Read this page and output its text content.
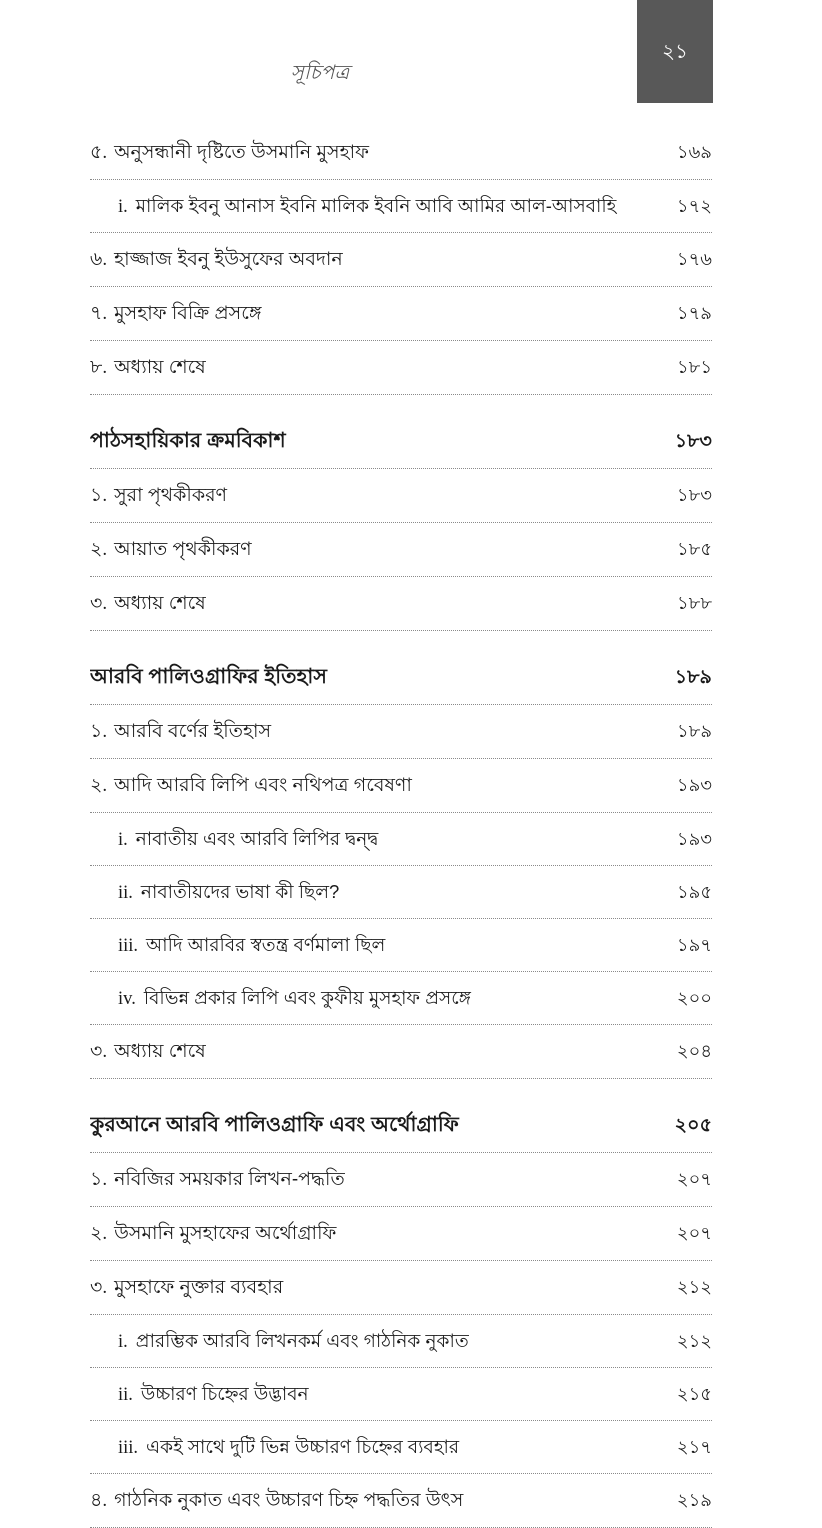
সূচিপত্র
২১
৫. অনুসন্ধানী দৃষ্টিতে উসমানি মুসহাফ	১৬৯
i. মালিক ইবনু আনাস ইবনি মালিক ইবনি আবি আমির আল-আসবাহি	১৭২
৬. হাজ্জাজ ইবনু ইউসুফের অবদান	১৭৬
৭. মুসহাফ বিক্রি প্রসঙ্গে	১৭৯
৮. অধ্যায় শেষে	১৮১
পাঠসহায়িকার ক্রমবিকাশ	১৮৩
১. সুরা পৃথকীকরণ	১৮৩
২. আয়াত পৃথকীকরণ	১৮৫
৩. অধ্যায় শেষে	১৮৮
আরবি পালিওগ্রাফির ইতিহাস	১৮৯
১. আরবি বর্ণের ইতিহাস	১৮৯
২. আদি আরবি লিপি এবং নথিপত্র গবেষণা	১৯৩
i. নাবাতীয় এবং আরবি লিপির দ্বন্দ্ব	১৯৩
ii. নাবাতীয়দের ভাষা কী ছিল?	১৯৫
iii. আদি আরবির স্বতন্ত্র বর্ণমালা ছিল	১৯৭
iv. বিভিন্ন প্রকার লিপি এবং কুফীয় মুসহাফ প্রসঙ্গে	২০০
৩. অধ্যায় শেষে	২০৪
কুরআনে আরবি পালিওগ্রাফি এবং অর্থোগ্রাফি	২০৫
১. নবিজির সময়কার লিখন-পদ্ধতি	২০৭
২. উসমানি মুসহাফের অর্থোগ্রাফি	২০৭
৩. মুসহাফে নুক্তার ব্যবহার	২১২
i. প্রারম্ভিক আরবি লিখনকর্ম এবং গাঠনিক নুকাত	২১২
ii. উচ্চারণ চিহ্নের উদ্ভাবন	২১৫
iii. একই সাথে দুটি ভিন্ন উচ্চারণ চিহ্নের ব্যবহার	২১৭
৪. গাঠনিক নুকাত এবং উচ্চারণ চিহ্ন পদ্ধতির উৎস	২১৯
